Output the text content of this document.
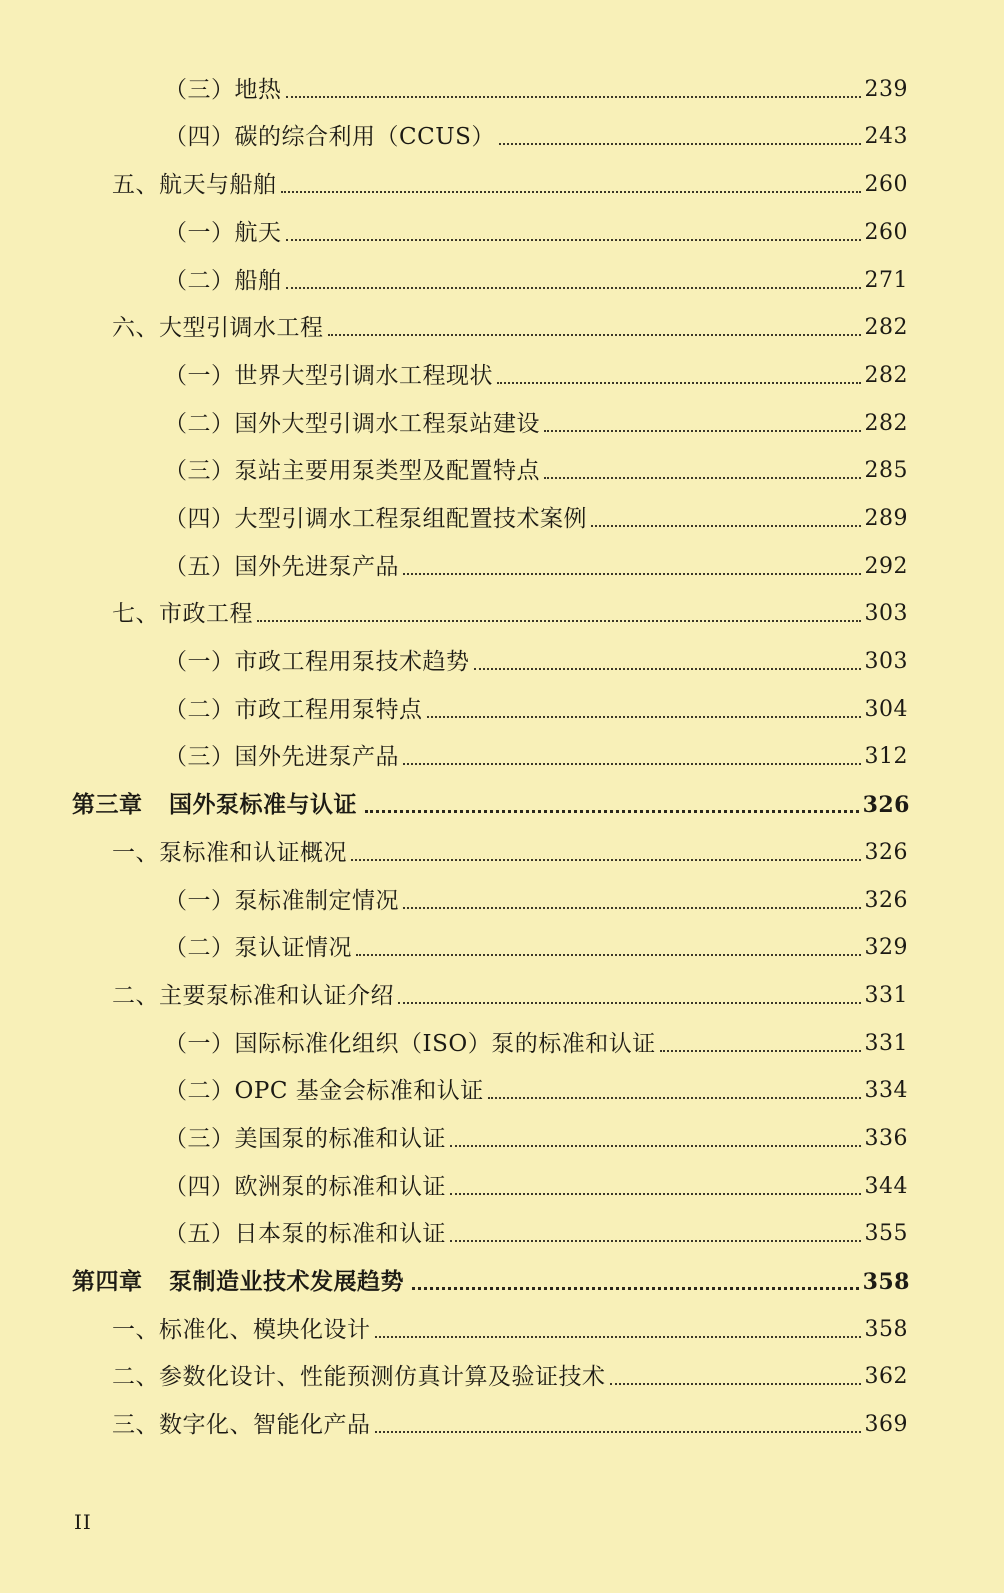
（三）地热	239
（四）碳的综合利用（CCUS）	243
五、航天与船舶	260
（一）航天	260
（二）船舶	271
六、大型引调水工程	282
（一）世界大型引调水工程现状	282
（二）国外大型引调水工程泵站建设	282
（三）泵站主要用泵类型及配置特点	285
（四）大型引调水工程泵组配置技术案例	289
（五）国外先进泵产品	292
七、市政工程	303
（一）市政工程用泵技术趋势	303
（二）市政工程用泵特点	304
（三）国外先进泵产品	312
第三章 国外泵标准与认证	326
一、泵标准和认证概况	326
（一）泵标准制定情况	326
（二）泵认证情况	329
二、主要泵标准和认证介绍	331
（一）国际标准化组织（ISO）泵的标准和认证	331
（二）OPC 基金会标准和认证	334
（三）美国泵的标准和认证	336
（四）欧洲泵的标准和认证	344
（五）日本泵的标准和认证	355
第四章 泵制造业技术发展趋势	358
一、标准化、模块化设计	358
二、参数化设计、性能预测仿真计算及验证技术	362
三、数字化、智能化产品	369
II
